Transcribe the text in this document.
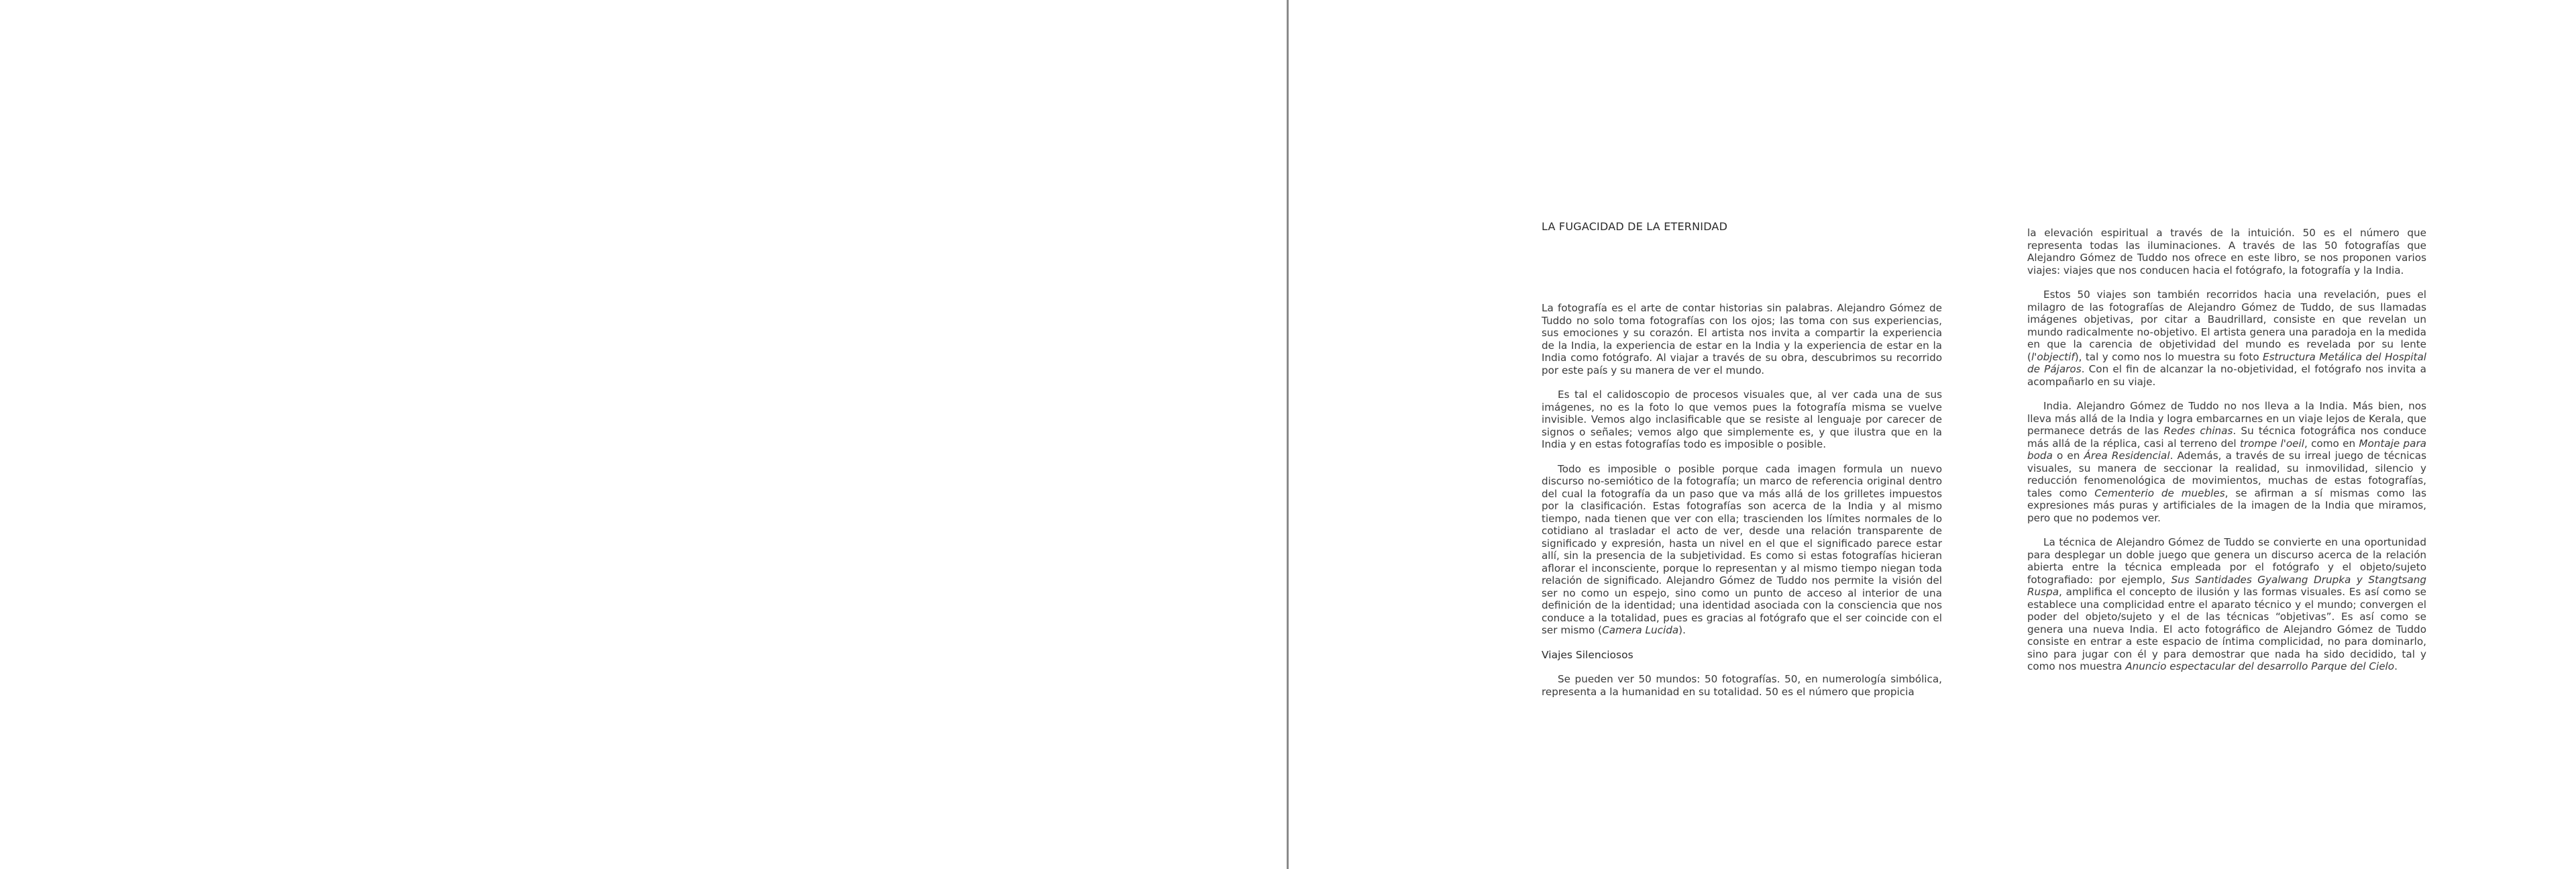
LA FUGACIDAD DE LA ETERNIDAD

La fotografía es el arte de contar historias sin palabras. Alejandro Gómez de Tuddo no solo toma fotografías con los ojos; las toma con sus experiencias, sus emociones y su corazón. El artista nos invita a compartir la experiencia de la India, la experiencia de estar en la India y la experiencia de estar en la India como fotógrafo. Al viajar a través de su obra, descubrimos su recorrido por este país y su manera de ver el mundo.

Es tal el calidoscopio de procesos visuales que, al ver cada una de sus imágenes, no es la foto lo que vemos pues la fotografía misma se vuelve invisible. Vemos algo inclasificable que se resiste al lenguaje por carecer de signos o señales; vemos algo que simplemente es, y que ilustra que en la India y en estas fotografías todo es imposible o posible.

Todo es imposible o posible porque cada imagen formula un nuevo discurso no-semiótico de la fotografía; un marco de referencia original dentro del cual la fotografía da un paso que va más allá de los grilletes impuestos por la clasificación. Estas fotografías son acerca de la India y al mismo tiempo, nada tienen que ver con ella; trascienden los límites normales de lo cotidiano al trasladar el acto de ver, desde una relación transparente de significado y expresión, hasta un nivel en el que el significado parece estar allí, sin la presencia de la subjetividad. Es como si estas fotografías hicieran aflorar el inconsciente, porque lo representan y al mismo tiempo niegan toda relación de significado. Alejandro Gómez de Tuddo nos permite la visión del ser no como un espejo, sino como un punto de acceso al interior de una definición de la identidad; una identidad asociada con la consciencia que nos conduce a la totalidad, pues es gracias al fotógrafo que el ser coincide con el ser mismo (Camera Lucida).

Viajes Silenciosos

Se pueden ver 50 mundos: 50 fotografías. 50, en numerología simbólica, representa a la humanidad en su totalidad. 50 es el número que propicia

la elevación espiritual a través de la intuición. 50 es el número que representa todas las iluminaciones. A través de las 50 fotografías que Alejandro Gómez de Tuddo nos ofrece en este libro, se nos proponen varios viajes: viajes que nos conducen hacia el fotógrafo, la fotografía y la India.

Estos 50 viajes son también recorridos hacia una revelación, pues el milagro de las fotografías de Alejandro Gómez de Tuddo, de sus llamadas imágenes objetivas, por citar a Baudrillard, consiste en que revelan un mundo radicalmente no-objetivo. El artista genera una paradoja en la medida en que la carencia de objetividad del mundo es revelada por su lente (l'objectif), tal y como nos lo muestra su foto Estructura Metálica del Hospital de Pájaros. Con el fin de alcanzar la no-objetividad, el fotógrafo nos invita a acompañarlo en su viaje.

India. Alejandro Gómez de Tuddo no nos lleva a la India. Más bien, nos lleva más allá de la India y logra embarcarnes en un viaje lejos de Kerala, que permanece detrás de las Redes chinas. Su técnica fotográfica nos conduce más allá de la réplica, casi al terreno del trompe l'oeil, como en Montaje para boda o en Área Residencial. Además, a través de su irreal juego de técnicas visuales, su manera de seccionar la realidad, su inmovilidad, silencio y reducción fenomenológica de movimientos, muchas de estas fotografías, tales como Cementerio de muebles, se afirman a sí mismas como las expresiones más puras y artificiales de la imagen de la India que miramos, pero que no podemos ver.

La técnica de Alejandro Gómez de Tuddo se convierte en una oportunidad para desplegar un doble juego que genera un discurso acerca de la relación abierta entre la técnica empleada por el fotógrafo y el objeto/sujeto fotografiado: por ejemplo, Sus Santidades Gyalwang Drupka y Stangtsang Ruspa, amplifica el concepto de ilusión y las formas visuales. Es así como se establece una complicidad entre el aparato técnico y el mundo; convergen el poder del objeto/sujeto y el de las técnicas “objetivas”. Es así como se genera una nueva India. El acto fotográfico de Alejandro Gómez de Tuddo consiste en entrar a este espacio de íntima complicidad, no para dominarlo, sino para jugar con él y para demostrar que nada ha sido decidido, tal y como nos muestra Anuncio espectacular del desarrollo Parque del Cielo.
